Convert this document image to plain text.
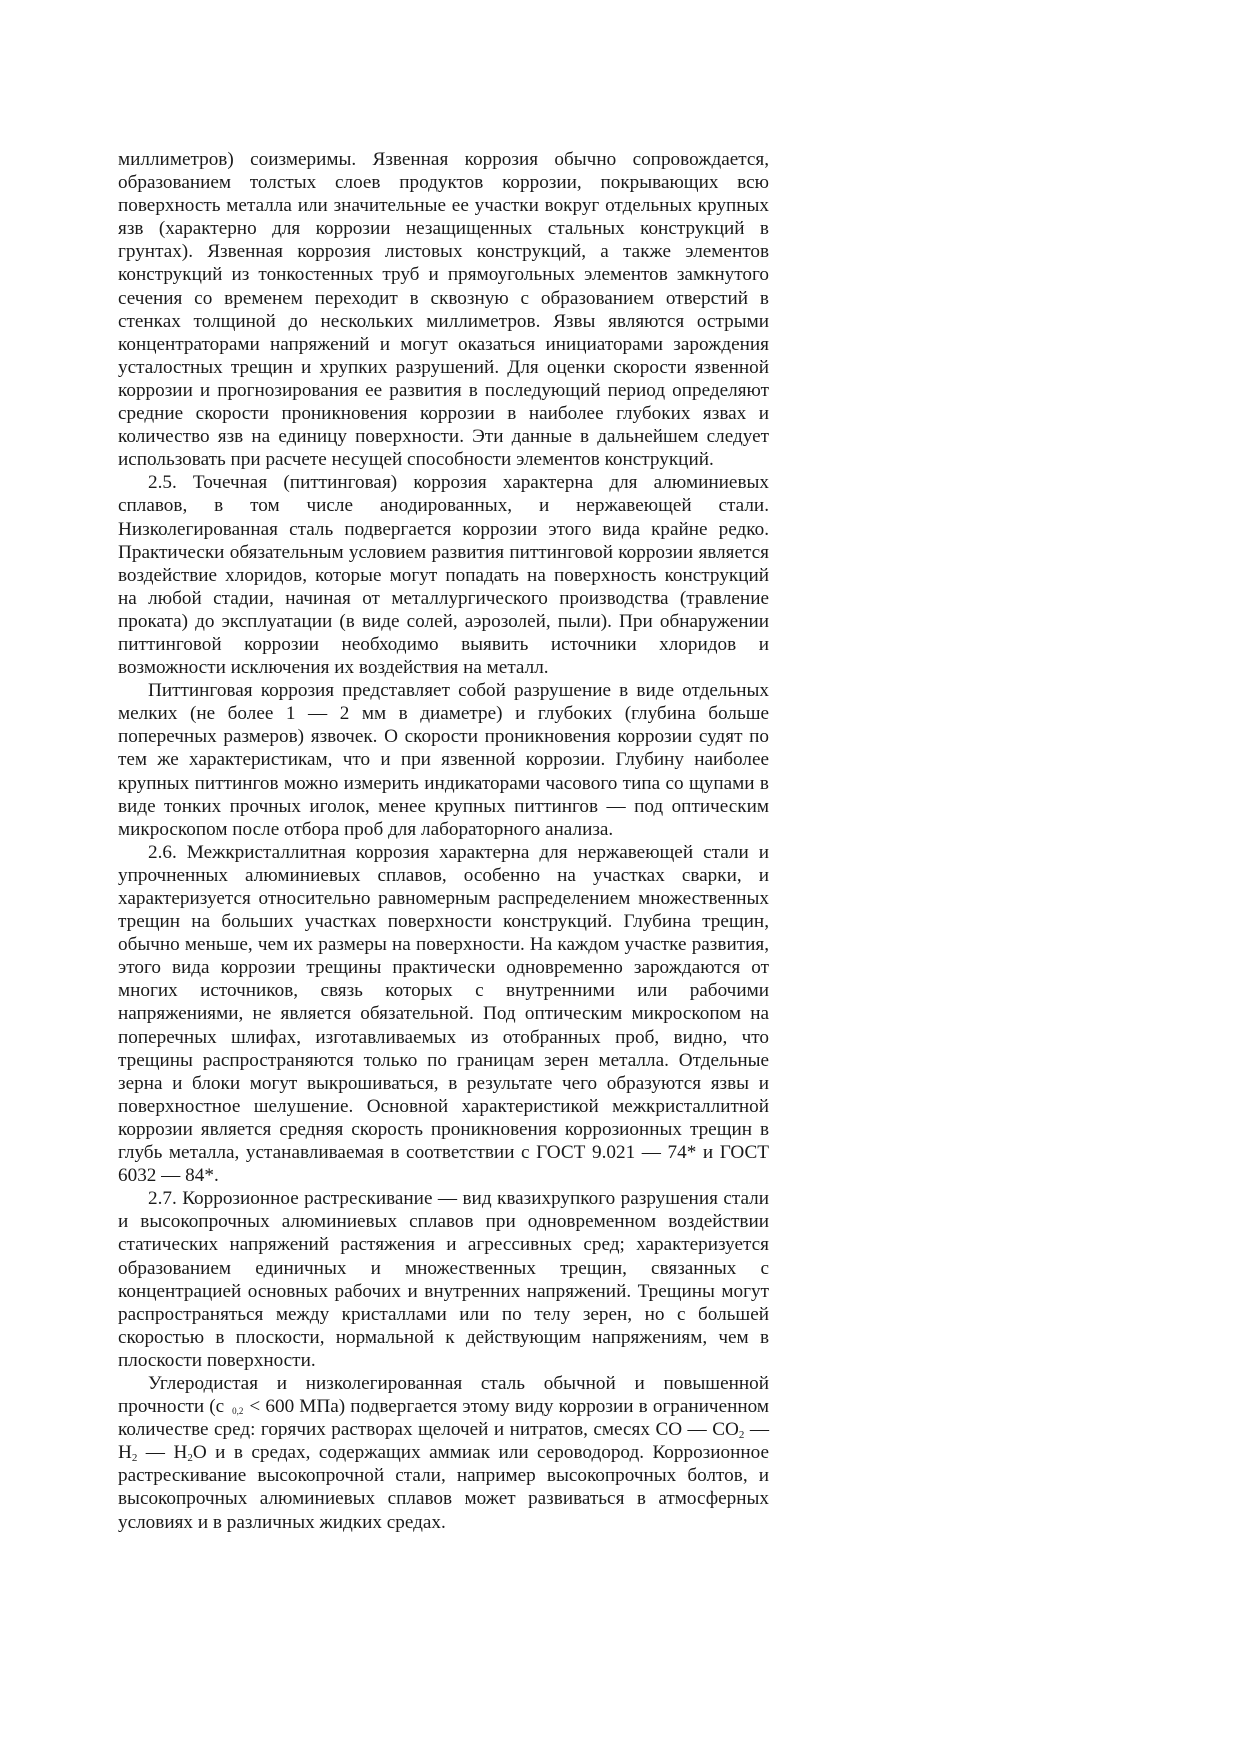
миллиметров) соизмеримы. Язвенная коррозия обычно сопровождается, образованием толстых слоев продуктов коррозии, покрывающих всю поверхность металла или значительные ее участки вокруг отдельных крупных язв (характерно для коррозии незащищенных стальных конструкций в грунтах). Язвенная коррозия листовых конструкций, а также элементов конструкций из тонкостенных труб и прямоугольных элементов замкнутого сечения со временем переходит в сквозную с образованием отверстий в стенках толщиной до нескольких миллиметров. Язвы являются острыми концентраторами напряжений и могут оказаться инициаторами зарождения усталостных трещин и хрупких разрушений. Для оценки скорости язвенной коррозии и прогнозирования ее развития в последующий период определяют средние скорости проникновения коррозии в наиболее глубоких язвах и количество язв на единицу поверхности. Эти данные в дальнейшем следует использовать при расчете несущей способности элементов конструкций.

2.5. Точечная (питтинговая) коррозия характерна для алюминиевых сплавов, в том числе анодированных, и нержавеющей стали. Низколегированная сталь подвергается коррозии этого вида крайне редко. Практически обязательным условием развития питтинговой коррозии является воздействие хлоридов, которые могут попадать на поверхность конструкций на любой стадии, начиная от металлургического производства (травление проката) до эксплуатации (в виде солей, аэрозолей, пыли). При обнаружении питтинговой коррозии необходимо выявить источники хлоридов и возможности исключения их воздействия на металл.

Питтинговая коррозия представляет собой разрушение в виде отдельных мелких (не более 1 — 2 мм в диаметре) и глубоких (глубина больше поперечных размеров) язвочек. О скорости проникновения коррозии судят по тем же характеристикам, что и при язвенной коррозии. Глубину наиболее крупных питтингов можно измерить индикаторами часового типа со щупами в виде тонких прочных иголок, менее крупных питтингов — под оптическим микроскопом после отбора проб для лабораторного анализа.

2.6. Межкристаллитная коррозия характерна для нержавеющей стали и упрочненных алюминиевых сплавов, особенно на участках сварки, и характеризуется относительно равномерным распределением множественных трещин на больших участках поверхности конструкций. Глубина трещин, обычно меньше, чем их размеры на поверхности. На каждом участке развития, этого вида коррозии трещины практически одновременно зарождаются от многих источников, связь которых с внутренними или рабочими напряжениями, не является обязательной. Под оптическим микроскопом на поперечных шлифах, изготавливаемых из отобранных проб, видно, что трещины распространяются только по границам зерен металла. Отдельные зерна и блоки могут выкрошиваться, в результате чего образуются язвы и поверхностное шелушение. Основной характеристикой межкристаллитной коррозии является средняя скорость проникновения коррозионных трещин в глубь металла, устанавливаемая в соответствии с ГОСТ 9.021 — 74* и ГОСТ 6032 — 84*.

2.7. Коррозионное растрескивание — вид квазихрупкого разрушения стали и высокопрочных алюминиевых сплавов при одновременном воздействии статических напряжений растяжения и агрессивных сред; характеризуется образованием единичных и множественных трещин, связанных с концентрацией основных рабочих и внутренних напряжений. Трещины могут распространяться между кристаллами или по телу зерен, но с большей скоростью в плоскости, нормальной к действующим напряжениям, чем в плоскости поверхности.

Углеродистая и низколегированная сталь обычной и повышенной прочности (с 0,2 < 600 МПа) подвергается этому виду коррозии в ограниченном количестве сред: горячих растворах щелочей и нитратов, смесях CO — $CO_2$ — $H_2$ — $H_2O$ и в средах, содержащих аммиак или сероводород. Коррозионное растрескивание высокопрочной стали, например высокопрочных болтов, и высокопрочных алюминиевых сплавов может развиваться в атмосферных условиях и в различных жидких средах.
